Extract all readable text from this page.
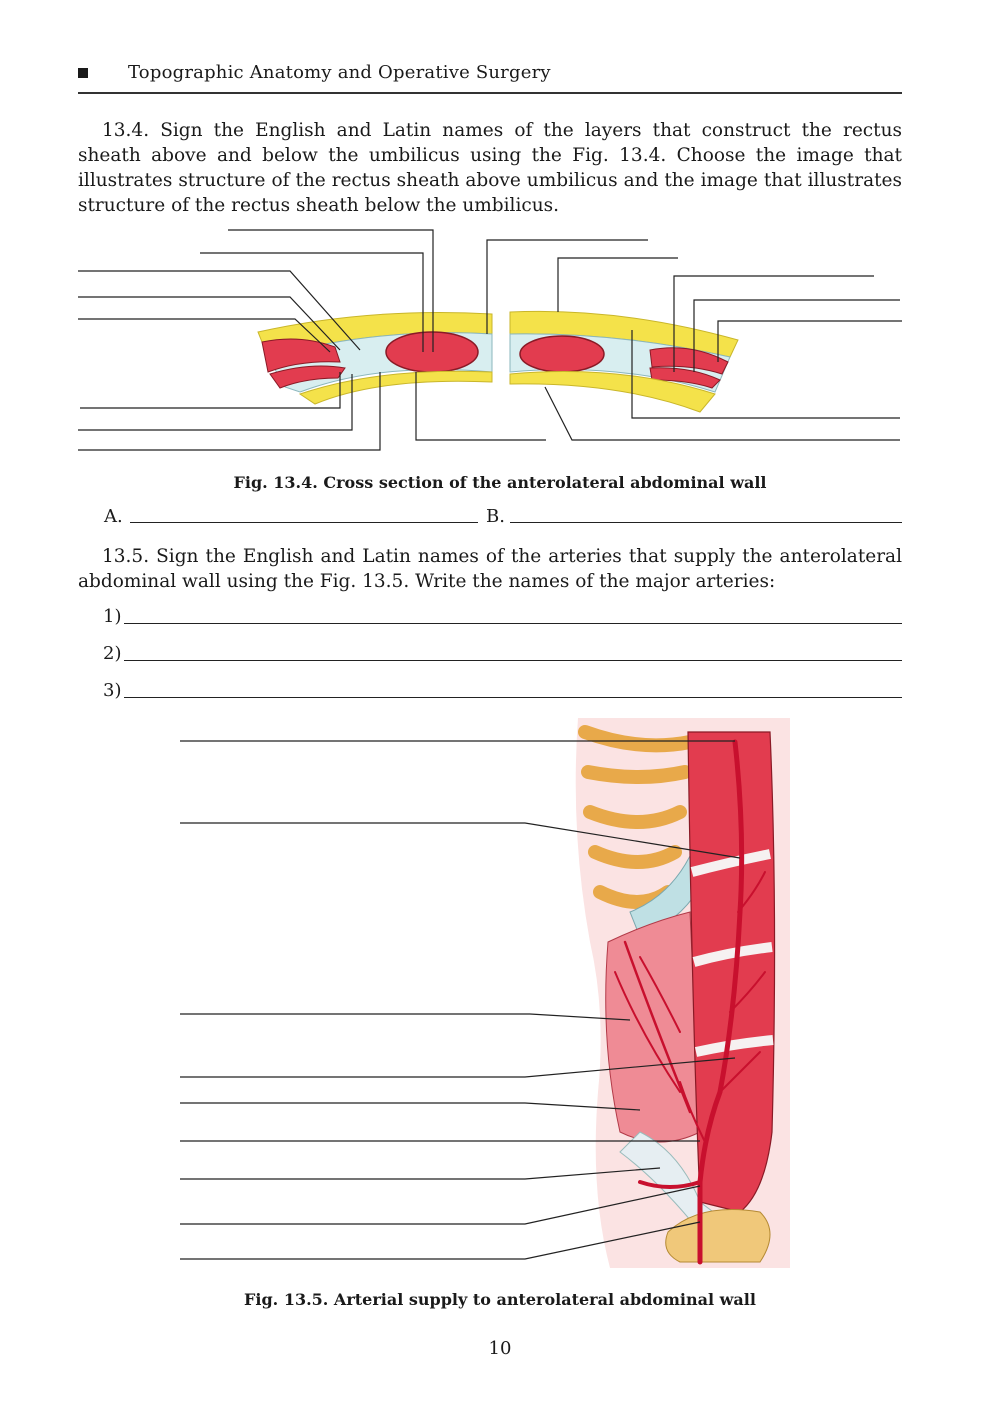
Topographic Anatomy and Operative Surgery
13.4. Sign the English and Latin names of the layers that construct the rectus sheath above and below the umbilicus using the Fig. 13.4. Choose the image that illustrates structure of the rectus sheath above umbilicus and the image that illustrates structure of the rectus sheath below the umbilicus.
Fig. 13.4. Cross section of the anterolateral abdominal wall
A.	B.
13.5. Sign the English and Latin names of the arteries that supply the anterolateral abdominal wall using the Fig. 13.5. Write the names of the major arteries:
1)
2)
3)
Fig. 13.5. Arterial supply to anterolateral abdominal wall
10
